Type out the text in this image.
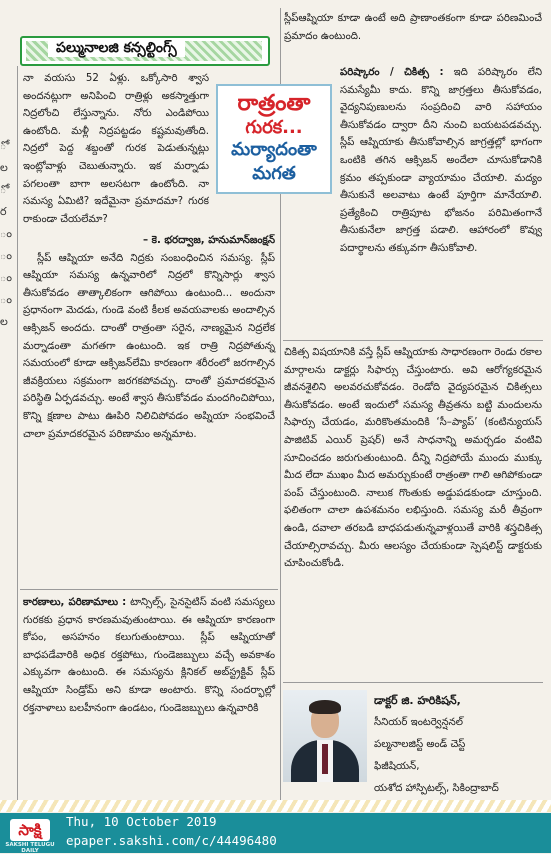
ో
ల
ో
ర
ం
ం
ం
ం
ల
పల్మునాలజి కన్సల్టింగ్స్

నా వయసు 52 ఏళ్లు. ఒక్కోసారి శ్వాస అందనట్లుగా అనిపించి రాత్రిళ్లు అకస్మాత్తుగా నిద్రలోంచి లేస్తున్నాను. నోరు ఎండిపోయి ఉంటోంది. మళ్లీ నిద్రపట్టడం కష్టమవుతోంది. నిద్రలో పెద్ద శబ్దంతో గురక పెడుతున్నట్లు ఇంట్లోవాళ్లు చెబుతున్నారు. ఇక మర్నాడు పగలంతా బాగా అలసటగా ఉంటోంది. నా సమస్య ఏమిటి? ఇదేమైనా ప్రమాదమా? గురక రాకుండా చేయలేమా?

– కె. భరద్వాజ, హనుమాన్‌జంక్షన్

స్లీప్ ఆప్నియా అనేది నిద్రకు సంబంధించిన సమస్య. స్లీప్ ఆప్నియా సమస్య ఉన్నవారిలో నిద్రలో కొన్నిసార్లు శ్వాస తీసుకోవడం తాత్కాలికంగా ఆగిపోయి ఉంటుంది... అందునా ప్రధానంగా మెదడు, గుండె వంటి కీలక అవయవాలకు అందాల్సిన ఆక్సిజన్ అందదు. దాంతో రాత్రంతా సరైన, నాణ్యమైన నిద్రలేక మర్నాడంతా మగతగా ఉంటుంది. ఇక రాత్రి నిద్రపోతున్న సమయంలో కూడా ఆక్సిజన్‌లేమి కారణంగా శరీరంలో జరగాల్సిన జీవక్రియలు సక్రమంగా జరగకపోవచ్చు. దాంతో ప్రమాదకరమైన పరిస్థితి ఏర్పడవచ్చు. అంటే శ్వాస తీసుకోవడం మందగించిపోయి, కొన్ని క్షణాల పాటు ఊపిరి నిలిచిపోవడం అప్నియా సంభవించే చాలా ప్రమాదకరమైన పరిణామం అన్నమాట.

కారణాలు, పరిణామాలు : టాన్సిల్స్, సైనసైటిస్ వంటి సమస్యలు గురకకు ప్రధాన కారణమవుతుంటాయి. ఈ ఆప్నియా కారణంగా కోపం, అసహనం కలుగుతుంటాయి. స్లీప్ ఆప్నియాతో బాధపడేవారికి అధిక రక్తపోటు, గుండెజబ్బులు వచ్చే అవకాశం ఎక్కువగా ఉంటుంది. ఈ సమస్యను క్లినికల్ అబ్‌స్ట్రక్టివ్ స్లీప్ ఆప్నియా సిండ్రోమ్ అని కూడా అంటారు. కొన్ని సందర్భాల్లో రక్తనాళాలు బలహీనంగా ఉండటం, గుండెజబ్బులు ఉన్నవారికి

రాత్రంతా
గురక...
మర్యాదంతా
మగత

స్లీప్‌ఆప్నియా కూడా ఉంటే అది ప్రాణాంతకంగా కూడా పరిణమించే ప్రమాదం ఉంటుంది.

పరిష్కారం / చికిత్స : ఇది పరిష్కారం లేని సమస్యేమీ కాదు. కొన్ని జాగ్రత్తలు తీసుకోవడం, వైద్యనిపుణులను సంప్రదించి వారి సహాయం తీసుకోవడం ద్వారా దీని నుంచి బయటపడవచ్చు. స్లీప్ ఆప్నియాకు తీసుకోవాల్సిన జాగ్రత్తల్లో భాగంగా ఒంటికి తగిన ఆక్సిజన్ అందేలా చూసుకోడానికి క్రమం తప్పకుండా వ్యాయామం చేయాలి. మద్యం తీసుకునే అలవాటు ఉంటే పూర్తిగా మానేయాలి. ప్రత్యేకించి రాత్రిపూట భోజనం పరిమితంగానే తీసుకునేలా జాగ్రత్త పడాలి. ఆహారంలో కొవ్వు పదార్థాలను తక్కువగా తీసుకోవాలి.

చికిత్స విషయానికి వస్తే స్లీప్ ఆప్నియాకు సాధారణంగా రెండు రకాల మార్గాలను డాక్టర్లు సిఫార్సు చేస్తుంటారు. అవి ఆరోగ్యకరమైన జీవనశైలిని అలవరచుకోవడం. రెండోది వైద్యపరమైన చికిత్సలు తీసుకోవడం. అంటే ఇందులో సమస్య తీవ్రతను బట్టి మందులను సిఫార్సు చేయడం, మరికొంతమందికి ‘సీ–ప్యాప్’ (కంటిన్యుయస్ పాజిటివ్ ఎయిర్ ప్రెషర్) అనే సాధనాన్ని అమర్చడం వంటివి సూచించడం జరుగుతుంటుంది. దీన్ని నిద్రపోయే ముందు ముక్కు మీద లేదా ముఖం మీద అమర్చుకుంటే రాత్రంతా గాలి ఆగిపోకుండా పంప్ చేస్తుంటుంది. నాలుక గొంతుకు అడ్డుపడకుండా చూస్తుంది. ఫలితంగా చాలా ఉపశమనం లభిస్తుంది. సమస్య మరీ తీవ్రంగా ఉండి, దవాలా తరబడి బాధపడుతున్నవాళ్లయితే వారికి శస్త్రచికిత్స చేయాల్సిరావచ్చు. మీరు ఆలస్యం చేయకుండా స్పెషలిస్ట్ డాక్టరుకు చూపించుకోండి.

డాక్టర్ జి. హరికిషన్,
సీనియర్ ఇంటర్వెన్షనల్
పల్మనాలజిస్ట్ అండ్ చెస్ట్
ఫిజీషియన్,
యశోద హాస్పిటల్స్, సికింద్రాబాద్
సాక్షి
SAKSHI TELUGU DAILY
Thu, 10 October 2019
epaper.sakshi.com/c/44496480
